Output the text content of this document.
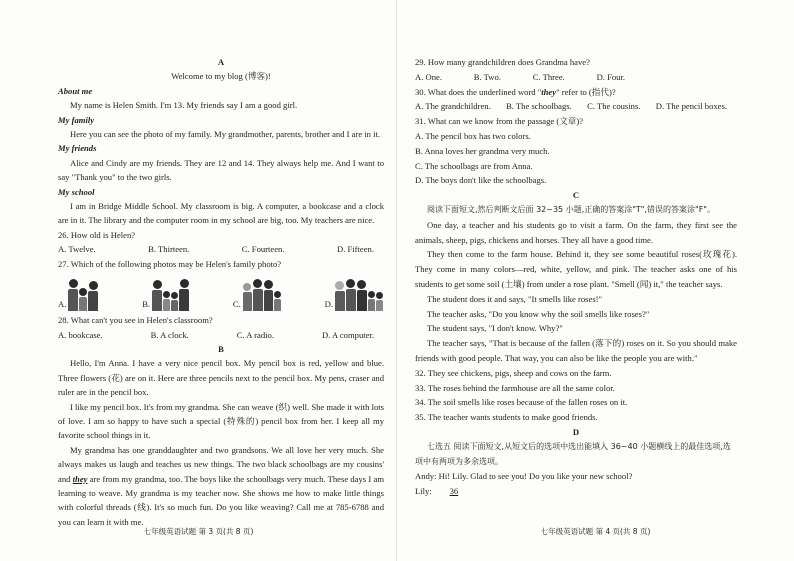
A
Welcome to my blog (博客)!
About me
My name is Helen Smith. I'm 13. My friends say I am a good girl.
My family
Here you can see the photo of my family. My grandmother, parents, brother and I are in it.
My friends
Alice and Cindy are my friends. They are 12 and 14. They always help me. And I want to say "Thank you" to the two girls.
My school
I am in Bridge Middle School. My classroom is big. A computer, a bookcase and a clock are in it. The library and the computer room in my school are big, too. My teachers are nice.
26. How old is Helen?
A. Twelve.	B. Thirteen.	C. Fourteen.	D. Fifteen.
27. Which of the following photos may be Helen's family photo?
A.	B.	C.	D.
28. What can't you see in Helen's classroom?
A. bookcase.	B. A clock.	C. A radio.	D. A computer.
B
Hello, I'm Anna. I have a very nice pencil box. My pencil box is red, yellow and blue. Three flowers (花) are on it. Here are three pencils next to the pencil box. My pens, craser and ruler are in the pencil box.
I like my pencil box. It's from my grandma. She can weave (织) well. She made it with lots of love. I am so happy to have such a special (特殊的) pencil box from her. I keep all my favorite school things in it.
My grandma has one granddaughter and two grandsons. We all love her very much. She always makes us laugh and teaches us new things. The two black schoolbags are my cousins' and they are from my grandma, too. The boys like the schoolbags very much. These days I am learning to weave. My grandma is my teacher now. She shows me how to make little things with colorful threads (线). It's so much fun. Do you like weaving? Call me at 785-6788 and you can learn it with me.
七年级英语试题 第 3 页(共 8 页)
29. How many grandchildren does Grandma have?
A. One.	B. Two.	C. Three.	D. Four.
30. What does the underlined word "they" refer to (指代)?
A. The grandchildren. B. The schoolbags. C. The cousins. D. The pencil boxes.
31. What can we know from the passage (文章)?
A. The pencil box has two colors.
B. Anna loves her grandma very much.
C. The schoolbags are from Anna.
D. The boys don't like the schoolbags.
C
阅读下面短文,然后判断文后面 32~35 小题,正确的答案涂"T",错误的答案涂"F"。
One day, a teacher and his students go to visit a farm. On the farm, they first see the animals, sheep, pigs, chickens and horses. They all have a good time.
They then come to the farm house. Behind it, they see some beautiful roses(玫瑰花). They come in many colors—red, white, yellow, and pink. The teacher asks one of his students to get some soil (土壤) from under a rose plant. "Smell (闻) it," the teacher says.
The student does it and says, "It smells like roses!"
The teacher asks, "Do you know why the soil smells like roses?"
The student says, "I don't know. Why?"
The teacher says, "That is because of the fallen (落下的) roses on it. So you should make friends with good people. That way, you can also be like the people you are with."
32. They see chickens, pigs, sheep and cows on the farm.
33. The roses behind the farmhouse are all the same color.
34. The soil smells like roses because of the fallen roses on it.
35. The teacher wants students to make good friends.
D
七选五 阅读下面短文,从短文后的选项中选出能填入 36~40 小题横线上的最佳选项,选项中有两项为多余选项。
Andy: Hi! Lily. Glad to see you! Do you like your new school?
Lily: 36
七年级英语试题 第 4 页(共 8 页)
